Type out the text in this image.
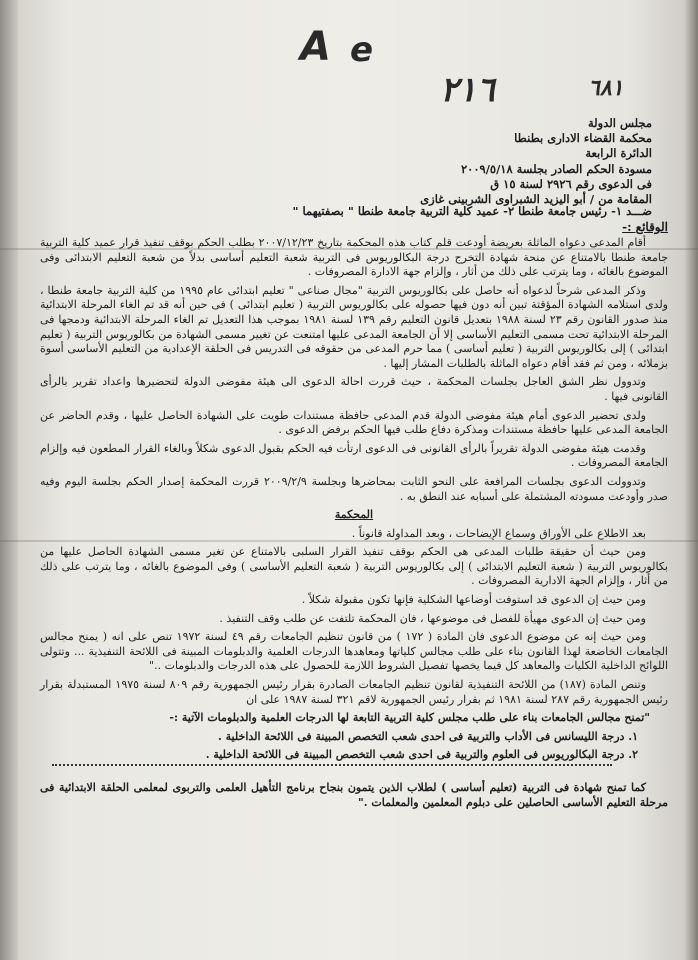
A e
٢١٦	٦٨١
مجلس الدولة
محكمة القضاء الادارى بطنطا
الدائرة الرابعة
مسودة الحكم الصادر بجلسة ٢٠٠٩/٥/١٨
فى الدعوى رقم ٢٩٢٦ لسنة ١٥ ق
المقامة من / أبو اليزيد الشبراوى الشربينى غازى
ضـــد ١- رئيس جامعة طنطا ٢- عميد كلية التربية جامعة طنطا " بصفتيهما "
الوقائع :-

أقام المدعى دعواه الماثلة بعريضة أودعت قلم كتاب هذه المحكمة بتاريخ ٢٠٠٧/١٢/٢٣ بطلب الحكم بوقف تنفيذ قرار عميد كلية التربية جامعة طنطا بالامتناع عن منحة شهادة التخرج درجة البكالوريوس فى التربية شعبة التعليم أساسى بدلاً من شعبة التعليم الابتدائى وفى الموضوع بالغائه ، وما يترتب على ذلك من أثار ، وإلزام جهة الادارة المصروفات .

وذكر المدعى شرحاً لدعواه أنه حاصل على بكالوريوس التربية "مجال صناعى " تعليم ابتدائى عام ١٩٩٥ من كلية التربية جامعة طنطا ، ولدى استلامه الشهادة المؤقتة تبين أنه دون فيها حصوله على بكالوريوس التربية ( تعليم ابتدائى ) فى حين أنه قد تم الغاء المرحلة الابتدائية منذ صدور القانون رقم ٢٣ لسنة ١٩٨٨ بتعديل قانون التعليم رقم ١٣٩ لسنة ١٩٨١ بموجب هذا التعديل تم الغاء المرحلة الابتدائية ودمجها فى المرحلة الابتدائية تحت مسمى التعليم الأساسى إلا أن الجامعة المدعى عليها امتنعت عن تغيير مسمى الشهادة من بكالوريوس التربية ( تعليم ابتدائى ) إلى بكالوريوس التربية ( تعليم أساسى ) مما حرم المدعى من حقوقه فى التدريس فى الحلقة الإعدادية من التعليم الأساسى أسوة بزملائه ، ومن ثم فقد أقام دعواه الماثلة بالطلبات المشار إليها .

وتدوول نظر الشق العاجل بجلسات المحكمة ، حيث قررت احالة الدعوى الى هيئة مفوضى الدولة لتحضيرها واعداد تقرير بالرأى القانونى فيها .

ولدى تحضير الدعوى أمام هيئة مفوضى الدولة قدم المدعى حافظة مستندات طويت على الشهادة الحاصل عليها ، وقدم الحاضر عن الجامعة المدعى عليها حافظة مستندات ومذكرة دفاع طلب فيها الحكم برفض الدعوى .

وقدمت هيئة مفوضى الدولة تقريراً بالرأى القانونى فى الدعوى ارتأت فيه الحكم بقبول الدعوى شكلاً وبالغاء القرار المطعون فيه وإلزام الجامعة المصروفات .

وتدوولت الدعوى بجلسات المرافعة على النحو الثابت بمحاضرها وبجلسة ٢٠٠٩/٢/٩ قررت المحكمة إصدار الحكم بجلسة اليوم وفيه صدر وأودعت مسودته المشتملة على أسبابه عند النطق به .

المحكمة

بعد الاطلاع على الأوراق وسماع الإيضاحات ، وبعد المداولة قانوناً .

ومن حيث أن حقيقة طلبات المدعى هى الحكم بوقف تنفيذ القرار السلبى بالامتناع عن تغير مسمى الشهادة الحاصل عليها من بكالوريوس التربية ( شعبة التعليم الابتدائى ) إلى بكالوريوس التربية ( شعبة التعليم الأساسى ) وفى الموضوع بالغائه ، وما يترتب على ذلك من أثار ، وإلزام الجهة الادارية المصروفات .

ومن حيث إن الدعوى قد استوفت أوضاعها الشكلية فإنها تكون مقبولة شكلاً .

ومن حيث إن الدعوى مهيأة للفصل فى موضوعها ، فان المحكمة تلتفت عن طلب وقف التنفيذ .

ومن حيث إنه عن موضوع الدعوى فان المادة ( ١٧٢ ) من قانون تنظيم الجامعات رقم ٤٩ لسنة ١٩٧٢ تنص على انه ( يمنح مجالس الجامعات الخاضعة لهذا القانون بناء على طلب مجالس كلياتها ومعاهدها الدرجات العلمية والدبلومات المبينة فى اللائحة التنفيذية ... وتتولى اللوائح الداخلية الكليات والمعاهد كل فيما يخصها تفصيل الشروط اللازمة للحصول على هذه الدرجات والدبلومات .."

وتنص المادة (١٨٧) من اللائحة التنفيذية لقانون تنظيم الجامعات الصادرة بقرار رئيس الجمهورية رقم ٨٠٩ لسنة ١٩٧٥ المستبدلة بقرار رئيس الجمهورية رقم ٢٨٧ لسنة ١٩٨١ ثم بقرار رئيس الجمهورية لاقم ٣٢١ لسنة ١٩٨٧ على ان

"تمنح مجالس الجامعات بناء على طلب مجلس كلية التربية التابعة لها الدرجات العلمية والدبلومات الآتية :-

١. درجة الليسانس فى الأداب والتربية فى احدى شعب التخصص المبينة فى اللائحة الداخلية .

٢. درجة البكالوريوس فى العلوم والتربية فى احدى شعب التخصص المبينة فى اللائحة الداخلية .

كما تمنح شهادة فى التربية (تعليم أساسى ) لطلاب الذين يتمون بنجاح برنامج التأهيل العلمى والتربوى لمعلمى الحلقة الابتدائية فى مرحلة التعليم الأساسى الحاصلين على دبلوم المعلمين والمعلمات ."
